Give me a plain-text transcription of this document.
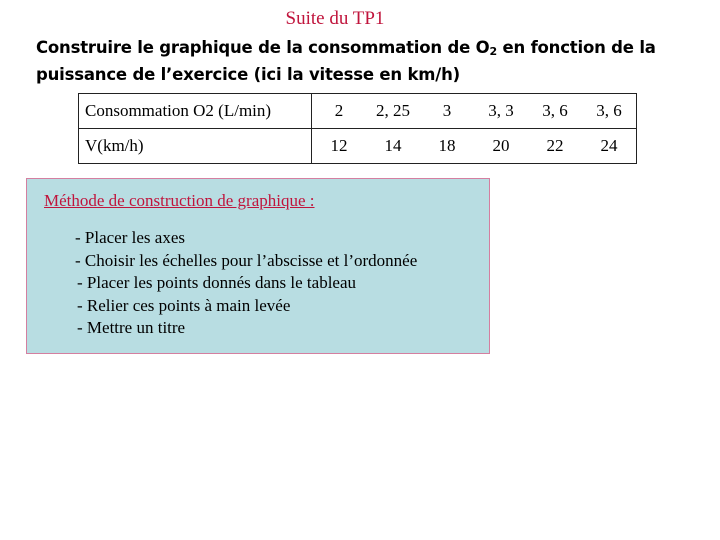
Suite du TP1
Construire le graphique de la consommation de $O_2$ en fonction de la
puissance de l’exercice (ici la vitesse en km/h)
Consommation O2 (L/min)	2	2, 25	3	3, 3	3, 6	3, 6
V(km/h)	12	14	18	20	22	24
Méthode de construction de graphique :
- Placer les axes
- Choisir les échelles pour l’abscisse et l’ordonnée
- Placer les points donnés dans le tableau
- Relier ces points à main levée
- Mettre un titre
